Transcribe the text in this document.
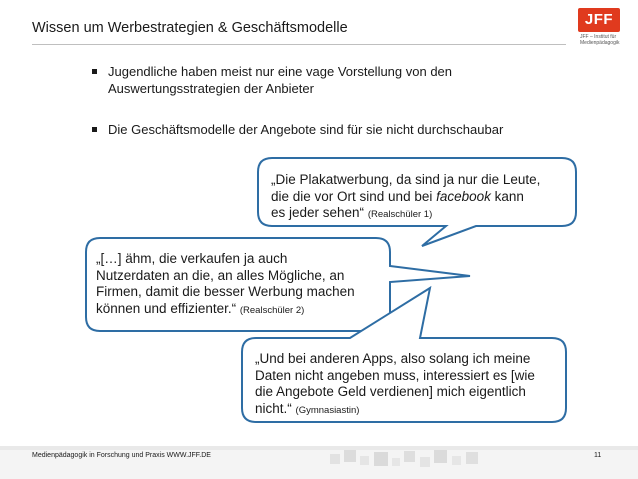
Wissen um Werbestrategien & Geschäftsmodelle	JFF
JFF – Institut für
Medienpädagogik
Jugendliche haben meist nur eine vage Vorstellung von den
Auswertungsstrategien der Anbieter
Die Geschäftsmodelle der Angebote sind für sie nicht durchschaubar
„Die Plakatwerbung, da sind ja nur die Leute,
die die vor Ort sind und bei facebook kann
es jeder sehen“ (Realschüler 1)
„[…] ähm, die verkaufen ja auch
Nutzerdaten an die, an alles Mögliche, an
Firmen, damit die besser Werbung machen
können und effizienter.“ (Realschüler 2)
„Und bei anderen Apps, also solang ich meine
Daten nicht angeben muss, interessiert es [wie
die Angebote Geld verdienen] mich eigentlich
nicht.“ (Gymnasiastin)
Medienpädagogik in Forschung und Praxis WWW.JFF.DE	11
